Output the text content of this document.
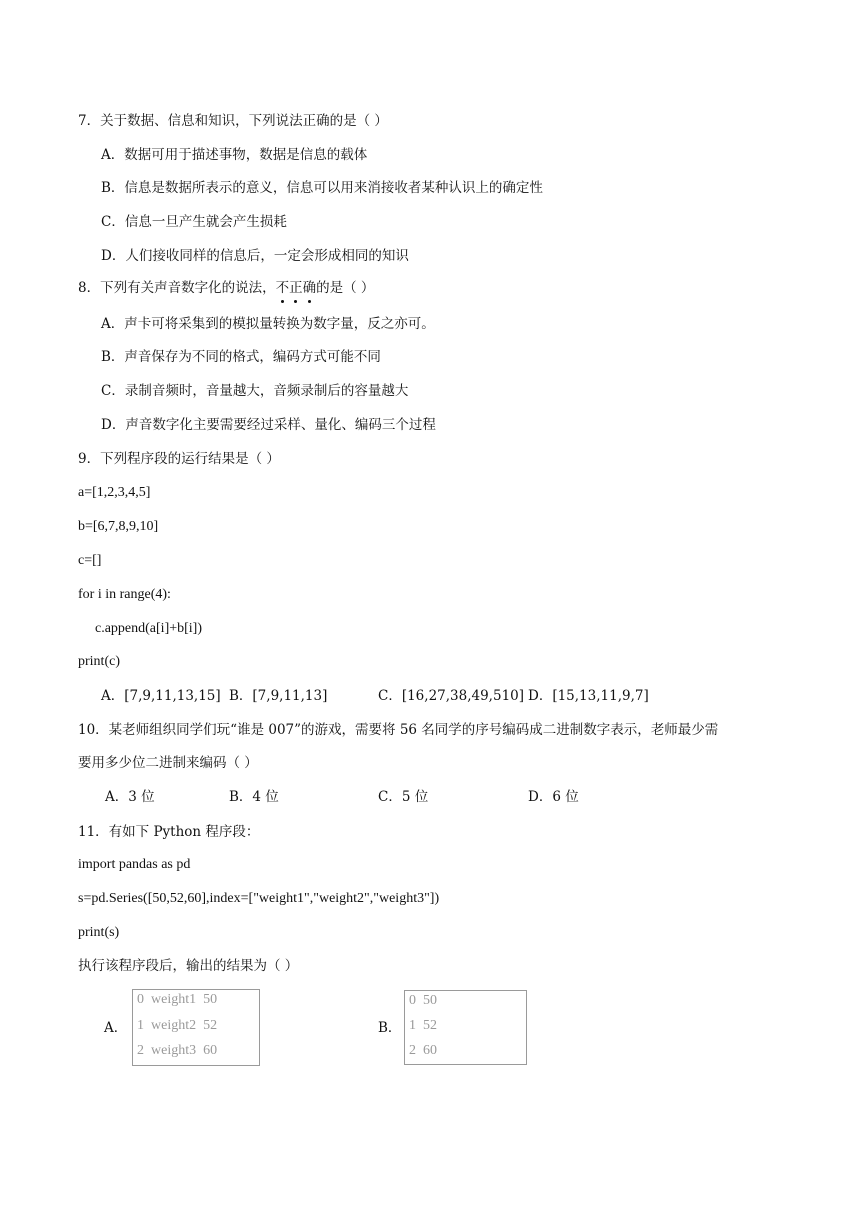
7．关于数据、信息和知识，下列说法正确的是（ ）
A．数据可用于描述事物，数据是信息的载体
B．信息是数据所表示的意义，信息可以用来消接收者某种认识上的确定性
C．信息一旦产生就会产生损耗
D．人们接收同样的信息后，一定会形成相同的知识
8．下列有关声音数字化的说法，不正确的是（ ）
A．声卡可将采集到的模拟量转换为数字量，反之亦可。
B．声音保存为不同的格式，编码方式可能不同
C．录制音频时，音量越大，音频录制后的容量越大
D．声音数字化主要需要经过采样、量化、编码三个过程
9．下列程序段的运行结果是（ ）
a=[1,2,3,4,5]
b=[6,7,8,9,10]
c=[]
for i in range(4):
c.append(a[i]+b[i])
print(c)
A．[7,9,11,13,15] B．[7,9,11,13]	C．[16,27,38,49,510] D．[15,13,11,9,7]
10．某老师组织同学们玩“谁是 007”的游戏，需要将 56 名同学的序号编码成二进制数字表示，老师最少需
要用多少位二进制来编码（ ）
A．3 位	B．4 位	C．5 位	D．6 位
11．有如下 Python 程序段：
import pandas as pd
s=pd.Series([50,52,60],index=["weight1","weight2","weight3"])
print(s)
执行该程序段后，输出的结果为（ ）
A．
0  weight1  50
1  weight2  52
2  weight3  60
B．
0  50
1  52
2  60
